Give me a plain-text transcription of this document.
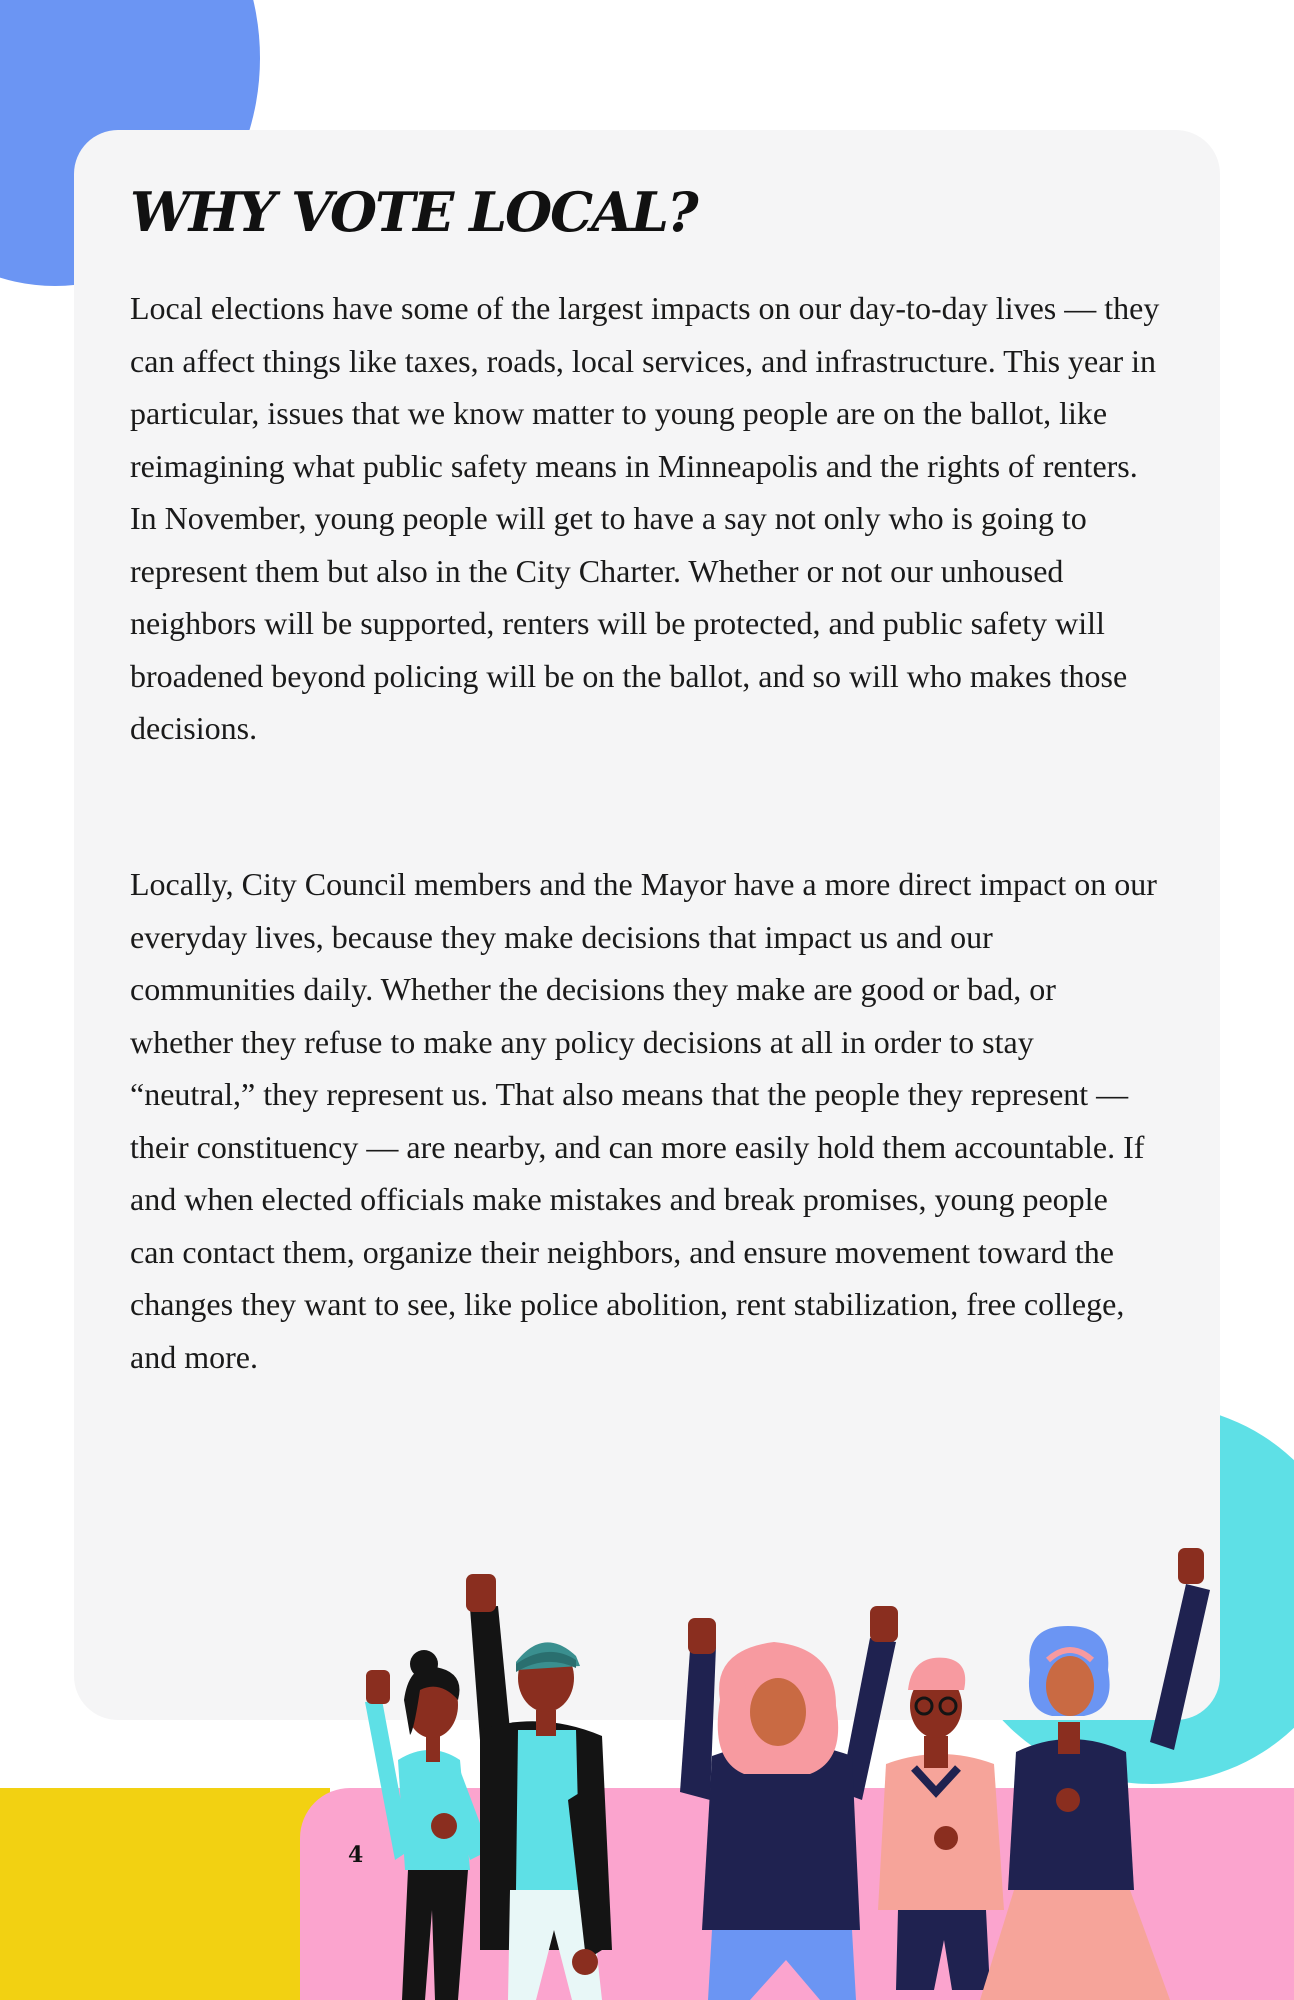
WHY VOTE LOCAL?

Local elections have some of the largest impacts on our day-to-day lives — they can affect things like taxes, roads, local services, and infrastructure. This year in particular, issues that we know matter to young people are on the ballot, like reimagining what public safety means in Minneapolis and the rights of renters. In November, young people will get to have a say not only who is going to represent them but also in the City Charter. Whether or not our unhoused neighbors will be supported, renters will be protected, and public safety will broadened beyond policing will be on the ballot, and so will who makes those decisions.

Locally, City Council members and the Mayor have a more direct impact on our everyday lives, because they make decisions that impact us and our communities daily. Whether the decisions they make are good or bad, or whether they refuse to make any policy decisions at all in order to stay “neutral,” they represent us. That also means that the people they represent — their constituency — are nearby, and can more easily hold them accountable. If and when elected officials make mistakes and break promises, young people can contact them, organize their neighbors, and ensure movement toward the changes they want to see, like police abolition, rent stabilization, free college, and more.

4
